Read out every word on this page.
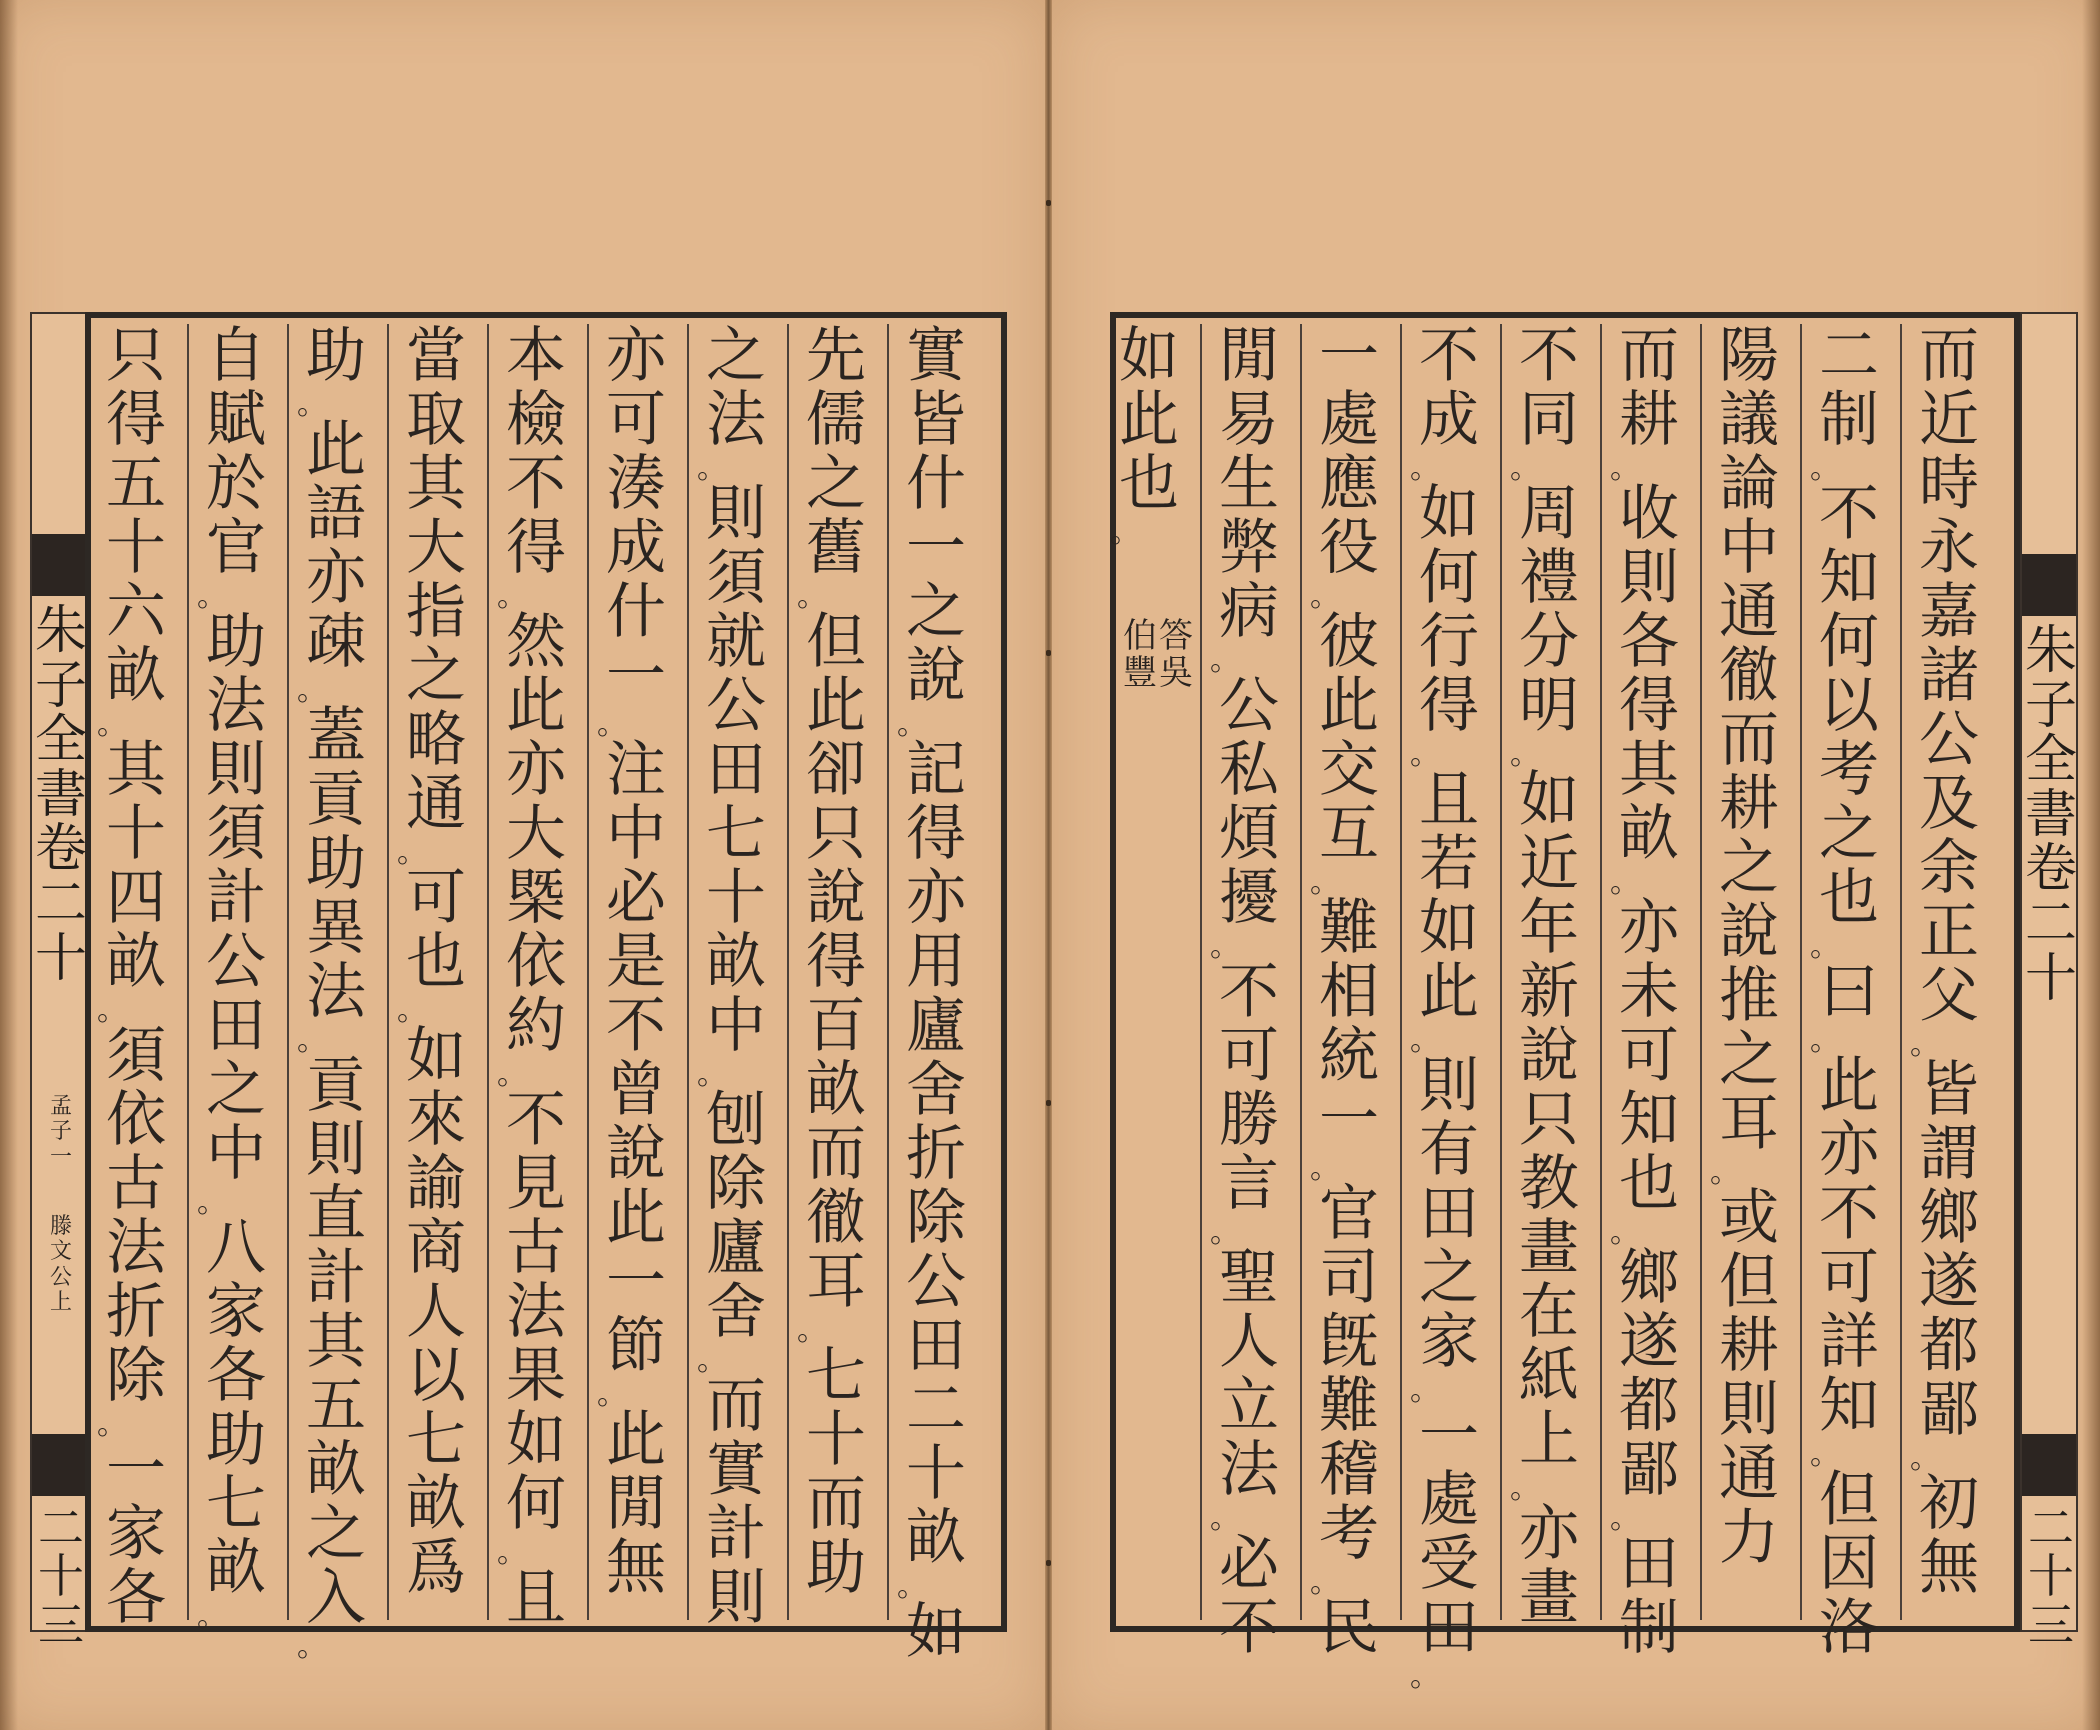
朱
子
全
書
卷
二
十
孟
子
一
滕
文
公
上
二
十
三
實
皆
什
一
之
說
。
記
得
亦
用
廬
舍
折
除
公
田
二
十
畝
。
如
先
儒
之
舊
。
但
此
卻
只
說
得
百
畝
而
徹
耳
。
七
十
而
助
之
法
。
則
須
就
公
田
七
十
畝
中
。
刨
除
廬
舍
。
而
實
計
則
亦
可
湊
成
什
一
。
注
中
必
是
不
曾
說
此
一
節
。
此
閒
無
本
檢
不
得
。
然
此
亦
大
槩
依
約
。
不
見
古
法
果
如
何
。
且
當
取
其
大
指
之
略
通
。
可
也
。
如
來
諭
商
人
以
七
畝
爲
助
。
此
語
亦
疎
。
蓋
貢
助
異
法
。
貢
則
直
計
其
五
畝
之
入
。
自
賦
於
官
。
助
法
則
須
計
公
田
之
中
。
八
家
各
助
七
畝
。
只
得
五
十
六
畝
。
其
十
四
畝
。
須
依
古
法
折
除
。
一
家
各

朱
子
全
書
卷
二
十
二
十
三
而
近
時
永
嘉
諸
公
及
余
正
父
。
皆
謂
鄉
遂
都
鄙
。
初
無
二
制
。
不
知
何
以
考
之
也
。
曰
。
此
亦
不
可
詳
知
。
但
因
洛
陽
議
論
中
通
徹
而
耕
之
說
推
之
耳
。
或
但
耕
則
通
力
而
耕
。
收
則
各
得
其
畝
。
亦
未
可
知
也
。
鄉
遂
都
鄙
。
田
制
不
同
。
周
禮
分
明
。
如
近
年
新
說
只
教
畫
在
紙
上
。
亦
畫
不
成
。
如
何
行
得
。
且
若
如
此
。
則
有
田
之
家
。
一
處
受
田
。
一
處
應
役
。
彼
此
交
互
。
難
相
統
一
。
官
司
旣
難
稽
考
。
民
閒
易
生
弊
病
。
公
私
煩
擾
。
不
可
勝
言
。
聖
人
立
法
。
必
不
如
此
也
。
答
吳
伯
豐
